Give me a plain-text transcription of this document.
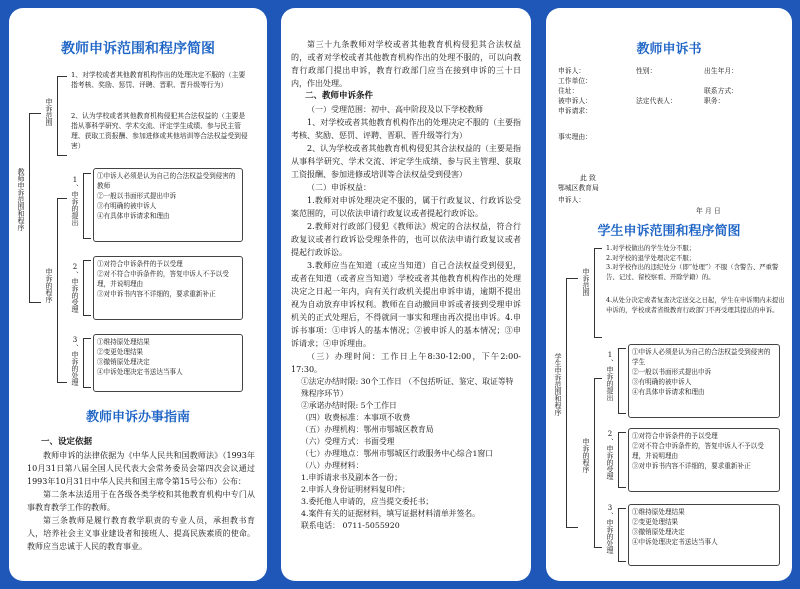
教师申诉范围和程序简图
教师申诉范围和程序
申诉范围
1、对学校或者其他教育机构作出的处理决定不服的（主要指考核、奖励、惩罚、评聘、晋职、晋升级等行为）
2、认为学校或者其他教育机构侵犯其合法权益的（主要是指从事科学研究、学术交流、评定学生成绩、参与民主管理、获取工资报酬、参加进修或其他培训等合法权益受到侵害）
申诉的程序
1、申诉的提出	①申诉人必须是认为自己的合法权益受到侵害的教师
②一般以书面形式提出申诉
③有明确的被申诉人
④有具体申诉请求和理由
2、申诉的受理	①对符合申诉条件的予以受理
②对不符合申诉条件的，答复申诉人不予以受理，并说明理由
③对申诉书内容不详细的，要求重新补正
3、申诉的处理	①维持原处理结果
②变更处理结果
③撤销原处理决定
④申诉处理决定书送达当事人
教师申诉办事指南
一、设定依据

教师申诉的法律依据为《中华人民共和国教师法》（1993年10月31日第八届全国人民代表大会常务委员会第四次会议通过1993年10月31日中华人民共和国主席令第15号公布）公布：

第二条本法适用于在各级各类学校和其他教育机构中专门从事教育教学工作的教师。

第三条教师是履行教育教学职责的专业人员，承担教书育人，培养社会主义事业建设者和接班人、提高民族素质的使命。教师应当忠诚于人民的教育事业。

第三十九条教师对学校或者其他教育机构侵犯其合法权益的，或者对学校或者其他教育机构作出的处理不服的，可以向教育行政部门提出申诉，教育行政部门应当在接到申诉的三十日内，作出处理。

二、教师申诉条件

（一）受理范围：初中、高中阶段及以下学校教师

1、对学校或者其他教育机构作出的处理决定不服的（主要指考核、奖励、惩罚、评聘、晋职、晋升级等行为）

2、认为学校或者其他教育机构侵犯其合法权益的（主要是指从事科学研究、学术交流、评定学生成绩、参与民主管理、获取工资报酬、参加进修或培训等合法权益受到侵害）

（二）申诉权益：

1.教师对申诉处理决定不服的，属于行政复议、行政诉讼受案范围的，可以依法申请行政复议或者提起行政诉讼。

2.教师对行政部门侵犯《教师法》规定的合法权益，符合行政复议或者行政诉讼受理条件的，也可以依法申请行政复议或者提起行政诉讼。

3.教师应当在知道（或应当知道）自己合法权益受到侵犯，或者在知道（或者应当知道）学校或者其他教育机构作出的处理决定之日起一年内，向有关行政机关提出申诉申请，逾期不提出视为自动放弃申诉权利。教师在自动撤回申诉或者接到受理申诉机关的正式处理后，不得就同一事实和理由再次提出申诉。4.申诉书事项：①申诉人的基本情况；②被申诉人的基本情况；③申诉请求；④申诉理由。

（三）办理时间：工作日上午8:30-12:00，下午2:00-17:30。

①法定办结时限: 30个工作日 （不包括听证、鉴定、取证等特殊程序环节）
②承诺办结时限: 5个工作日
（四）收费标准：本事项不收费
（五）办理机构：鄂州市鄂城区教育局
（六）受理方式：书面受理
（七）办理地点：鄂州市鄂城区行政服务中心综合1窗口
（八）办理材料：
1.申诉请求书及副本各一份；
2.申诉人身份证明材料复印件；
3.委托他人申请的，应当提交委托书；
4.案件有关的证据材料，填写证据材料清单并签名。
联系电话： 0711-5055920
教师申诉书
申诉人：	性别：	出生年月：
工作单位：
住址：	联系方式：
被申诉人：	法定代表人：	职务：
申诉请求：
事实理由：
此 致
鄂城区教育局
申诉人：
年 月 日
学生申诉范围和程序简图
学生申诉范围和程序
申诉范围
1.对学校做出的学生处分不服；
2.对学校的退学处理决定不服；
3.对学校作出的违纪处分（即“处理”）不服（含警告、严重警告、记过、留校察看、开除学籍）的。
4.从处分决定或者复查决定送交之日起，学生在申诉期内未提出申诉的，学校或者省级教育行政部门不再受理其提出的申诉。
申诉的程序
1、申诉的提出	①申诉人必须是认为自己的合法权益受到侵害的学生
②一般以书面形式提出申诉
③有明确的被申诉人
④有具体申诉请求和理由
2、申诉的受理	①对符合申诉条件的予以受理
②对不符合申诉条件的，答复申诉人不予以受理，并说明理由
③对申诉书内容不详细的，要求重新补正
3、申诉的处理	①维持原处理结果
②变更处理结果
③撤销原处理决定
④申诉处理决定书送达当事人
